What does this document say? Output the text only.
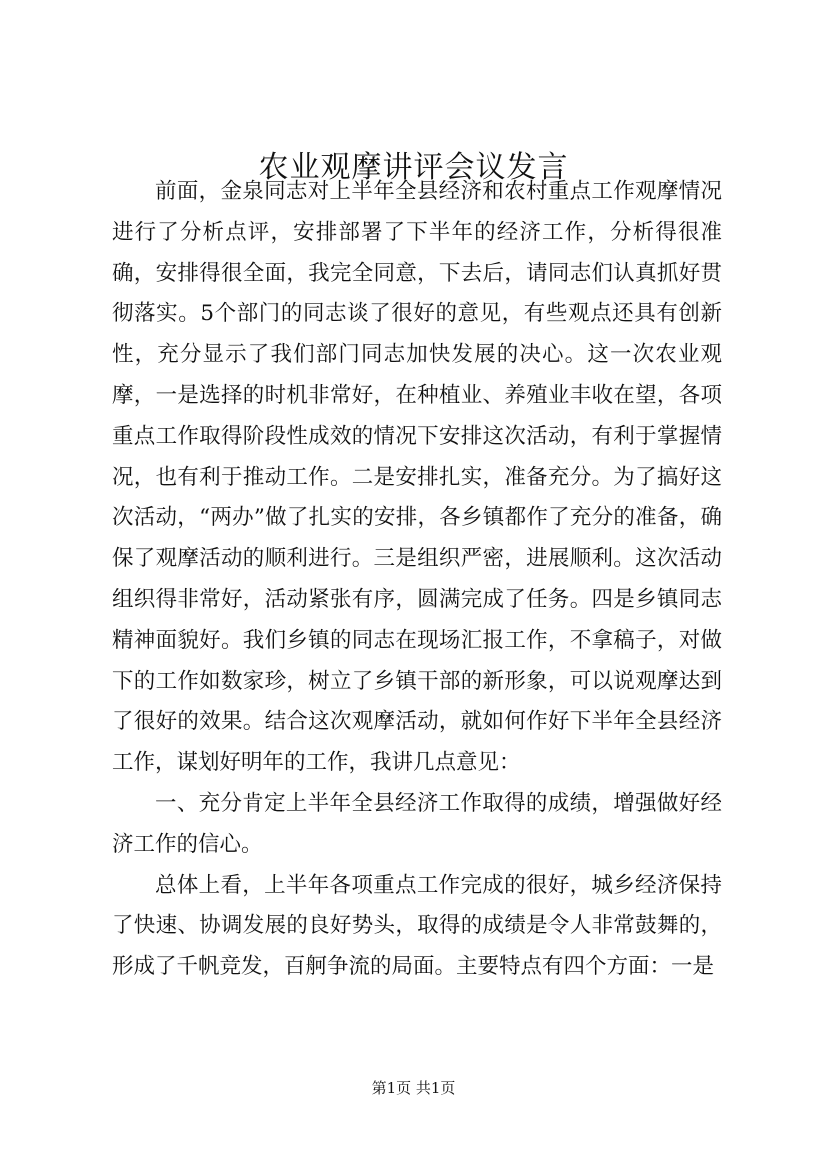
农业观摩讲评会议发言

前面，金泉同志对上半年全县经济和农村重点工作观摩情况进行了分析点评，安排部署了下半年的经济工作，分析得很准确，安排得很全面，我完全同意，下去后，请同志们认真抓好贯彻落实。5个部门的同志谈了很好的意见，有些观点还具有创新性，充分显示了我们部门同志加快发展的决心。这一次农业观摩，一是选择的时机非常好，在种植业、养殖业丰收在望，各项重点工作取得阶段性成效的情况下安排这次活动，有利于掌握情况，也有利于推动工作。二是安排扎实，准备充分。为了搞好这次活动，“两办”做了扎实的安排，各乡镇都作了充分的准备，确保了观摩活动的顺利进行。三是组织严密，进展顺利。这次活动组织得非常好，活动紧张有序，圆满完成了任务。四是乡镇同志精神面貌好。我们乡镇的同志在现场汇报工作，不拿稿子，对做下的工作如数家珍，树立了乡镇干部的新形象，可以说观摩达到了很好的效果。结合这次观摩活动，就如何作好下半年全县经济工作，谋划好明年的工作，我讲几点意见：

一、充分肯定上半年全县经济工作取得的成绩，增强做好经济工作的信心。

总体上看，上半年各项重点工作完成的很好，城乡经济保持了快速、协调发展的良好势头，取得的成绩是令人非常鼓舞的，形成了千帆竞发，百舸争流的局面。主要特点有四个方面：一是

第1页 共1页
